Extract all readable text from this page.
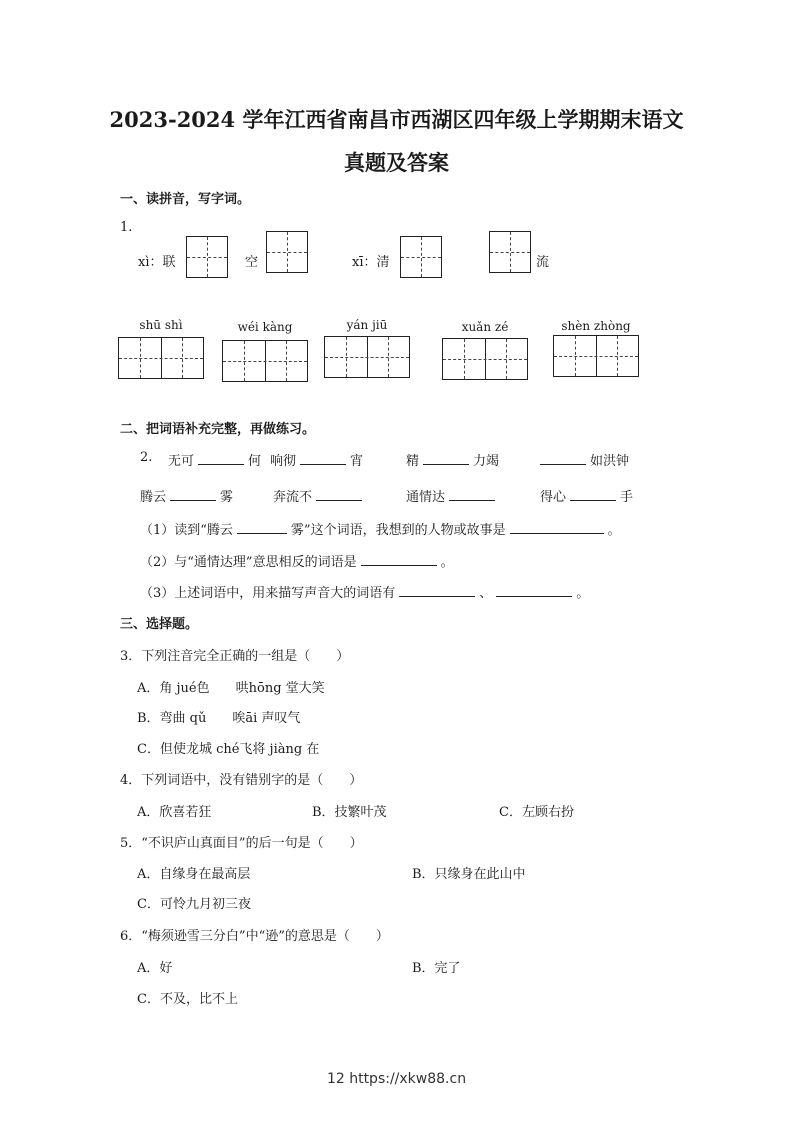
2023-2024 学年江西省南昌市西湖区四年级上学期期末语文
真题及答案
一、读拼音，写字词。
1.
xì：联	空	xī：清	流
shū shì	wéi kàng	yán jiū	xuǎn zé	shèn zhòng
二、把词语补充完整，再做练习。
2. 无可	何 响彻	宵	精	力竭	如洪钟
腾云	雾	奔流不	通情达	得心	手
（1）读到“腾云	雾”这个词语，我想到的人物或故事是	。
（2）与“通情达理”意思相反的词语是	。
（3）上述词语中，用来描写声音大的词语有	、	。
三、选择题。
3．下列注音完全正确的一组是（　　）
A．角 jué色　　哄hōng 堂大笑
B．弯曲 qǔ　　唉āi 声叹气
C．但使龙城 ché飞将 jiàng 在
4．下列词语中，没有错别字的是（　　）
A．欣喜若狂	B．技繁叶茂	C．左顾右扮
5．“不识庐山真面目”的后一句是（　　）
A．自缘身在最高层	B．只缘身在此山中
C．可怜九月初三夜
6．“梅须逊雪三分白”中“逊”的意思是（　　）
A．好	B．完了
C．不及，比不上
12 https://xkw88.cn
